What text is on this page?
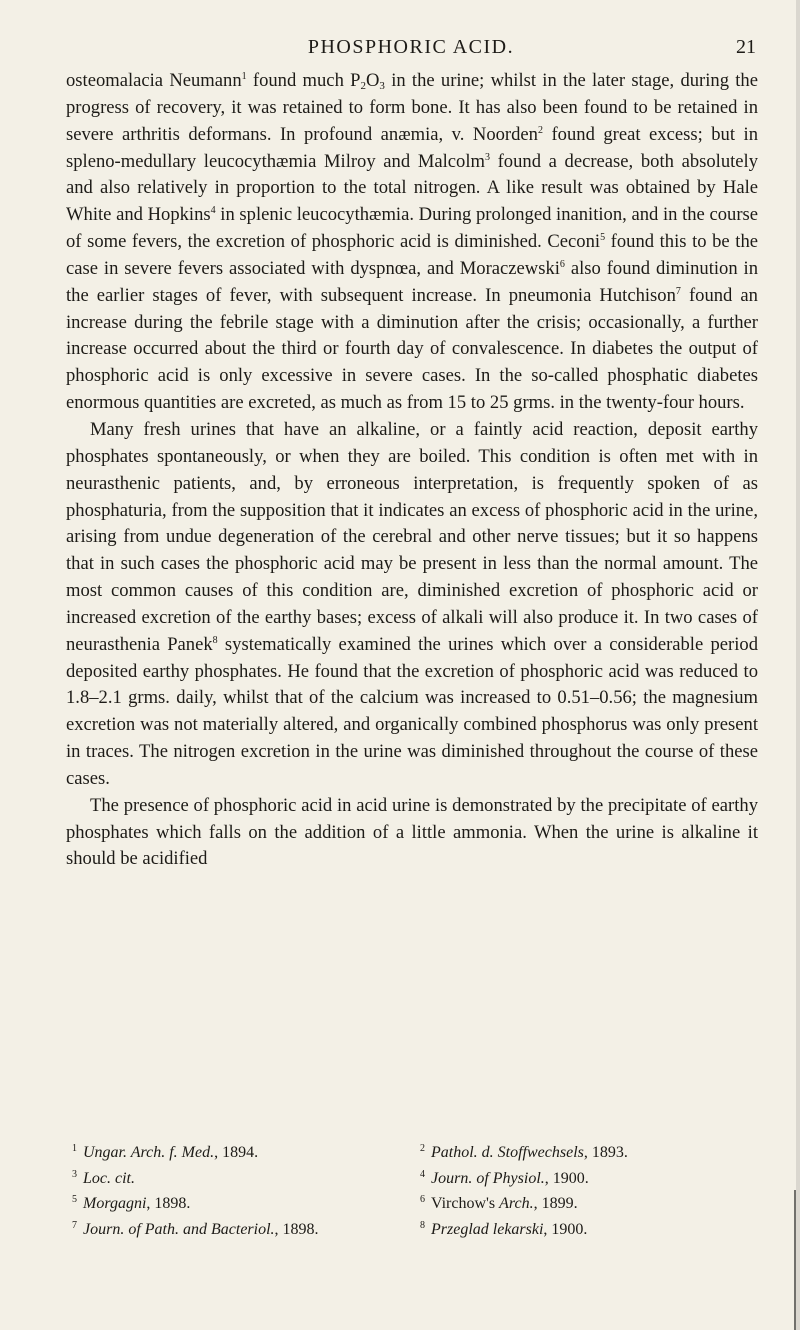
PHOSPHORIC ACID.	21

osteomalacia Neumann$^1$ found much $P_2O_3$ in the urine; whilst in the later stage, during the progress of recovery, it was retained to form bone. It has also been found to be retained in severe arthritis deformans. In profound anæmia, v. Noorden$^2$ found great excess; but in spleno-medullary leucocythæmia Milroy and Malcolm$^3$ found a decrease, both absolutely and also relatively in proportion to the total nitrogen. A like result was obtained by Hale White and Hopkins$^4$ in splenic leucocythæmia. During prolonged inanition, and in the course of some fevers, the excretion of phosphoric acid is diminished. Ceconi$^5$ found this to be the case in severe fevers associated with dyspnœa, and Moraczewski$^6$ also found diminution in the earlier stages of fever, with subsequent increase. In pneumonia Hutchison$^7$ found an increase during the febrile stage with a diminution after the crisis; occasionally, a further increase occurred about the third or fourth day of convalescence. In diabetes the output of phosphoric acid is only excessive in severe cases. In the so-called phosphatic diabetes enormous quantities are excreted, as much as from 15 to 25 grms. in the twenty-four hours.

Many fresh urines that have an alkaline, or a faintly acid reaction, deposit earthy phosphates spontaneously, or when they are boiled. This condition is often met with in neurasthenic patients, and, by erroneous interpretation, is frequently spoken of as phosphaturia, from the supposition that it indicates an excess of phosphoric acid in the urine, arising from undue degeneration of the cerebral and other nerve tissues; but it so happens that in such cases the phosphoric acid may be present in less than the normal amount. The most common causes of this condition are, diminished excretion of phosphoric acid or increased excretion of the earthy bases; excess of alkali will also produce it. In two cases of neurasthenia Panek$^8$ systematically examined the urines which over a considerable period deposited earthy phosphates. He found that the excretion of phosphoric acid was reduced to 1.8–2.1 grms. daily, whilst that of the calcium was increased to 0.51–0.56; the magnesium excretion was not materially altered, and organically combined phosphorus was only present in traces. The nitrogen excretion in the urine was diminished throughout the course of these cases.

The presence of phosphoric acid in acid urine is demonstrated by the precipitate of earthy phosphates which falls on the addition of a little ammonia. When the urine is alkaline it should be acidified

$^1$ Ungar. Arch. f. Med., 1894.	$^2$ Pathol. d. Stoffwechsels, 1893.
$^3$ Loc. cit.	$^4$ Journ. of Physiol., 1900.
$^5$ Morgagni, 1898.	$^6$ Virchow's Arch., 1899.
$^7$ Journ. of Path. and Bacteriol., 1898.	$^8$ Przeglad lekarski, 1900.
